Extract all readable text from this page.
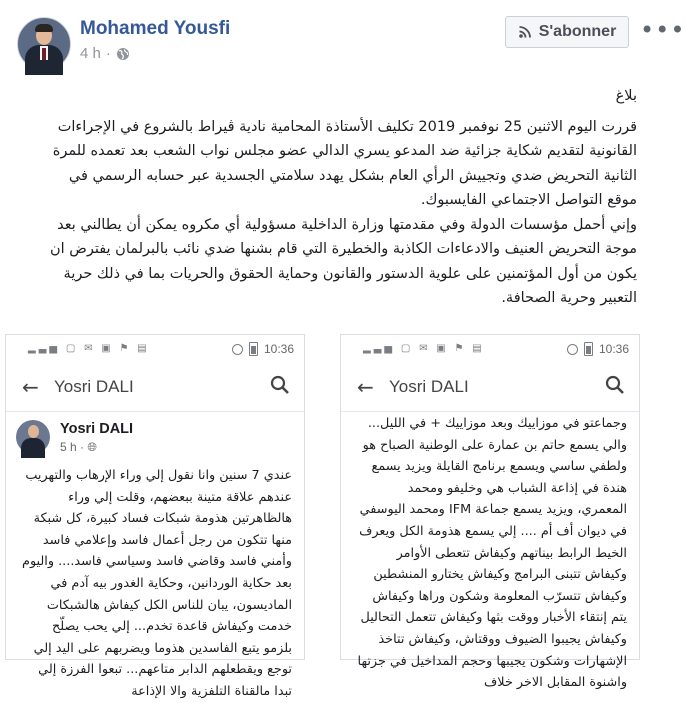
Mohamed Yousfi
4 h ·
S'abonner •••

بلاغ

قررت اليوم الاثنين 25 نوفمبر 2019 تكليف الأستاذة المحامية نادية ڤيراط بالشروع في الإجراءات القانونية لتقديم شكاية جزائية ضد المدعو يسري الدالي عضو مجلس نواب الشعب بعد تعمده للمرة الثانية التحريض ضدي وتجييش الرأي العام بشكل يهدد سلامتي الجسدية عبر حسابه الرسمي في موقع التواصل الاجتماعي الفايسبوك.

وإني أحمل مؤسسات الدولة وفي مقدمتها وزارة الداخلية مسؤولية أي مكروه يمكن أن يطالني بعد موجة التحريض العنيف والادعاءات الكاذبة والخطيرة التي قام بشنها ضدي نائب بالبرلمان يفترض ان يكون من أول المؤتمنين على علوية الدستور والقانون وحماية الحقوق والحريات بما في ذلك حرية التعبير وحرية الصحافة.

▂▃▅ ▢ ✉ ▣ ⚑ ▤	10:36
← Yosri DALI
Yosri DALI
5 h · 🌐︎
عندي 7 سنين وانا نقول إلي وراء الإرهاب والتهريب عندهم علاقة متينة ببعضهم، وقلت إلي وراء هالظاهرتين هذومة شبكات فساد كبيرة، كل شبكة منها تتكون من رجل أعمال فاسد وإعلامي فاسد وأمني فاسد وقاضي فاسد وسياسي فاسد.... واليوم بعد حكاية الوردانين، وحكاية الغدور بيه آدم في الماديسون، يبان للناس الكل كيفاش هالشبكات خدمت وكيفاش قاعدة تخدم... إلي يحب يصلّح بلزمو يتبع الفاسدين هذوما ويضربهم على اليد إلي توجع ويقطعلهم الدابر متاعهم... تبعوا الفرزة إلي تبدا مالقناة التلفزية والا الإذاعة
▂▃▅ ▢ ✉ ▣ ⚑ ▤	10:36
← Yosri DALI
وجماعتو في موزاييك وبعد موزاييك + في الليل... والي يسمع حاتم بن عمارة على الوطنية الصباح هو ولطفي ساسي ويسمع برنامج القايلة ويزيد يسمع هندة في إذاعة الشباب هي وخليفو ومحمد المعمري، ويزيد يسمع جماعة IFM ومحمد اليوسفي في ديوان أف أم .... إلي يسمع هذومة الكل ويعرف الخيط الرابط بيناتهم وكيفاش تتعطى الأوامر وكيفاش تتبنى البرامج وكيفاش يختارو المنشطين وكيفاش تتسرّب المعلومة وشكون وراها وكيفاش يتم إنتقاء الأخبار ووقت بثها وكيفاش تتعمل التحاليل وكيفاش يجيبوا الضيوف ووقتاش، وكيفاش تتاخذ الإشهارات وشكون يجيبها وحجم المداخيل في جزتها واشنوة المقابل الاخر خلاف
